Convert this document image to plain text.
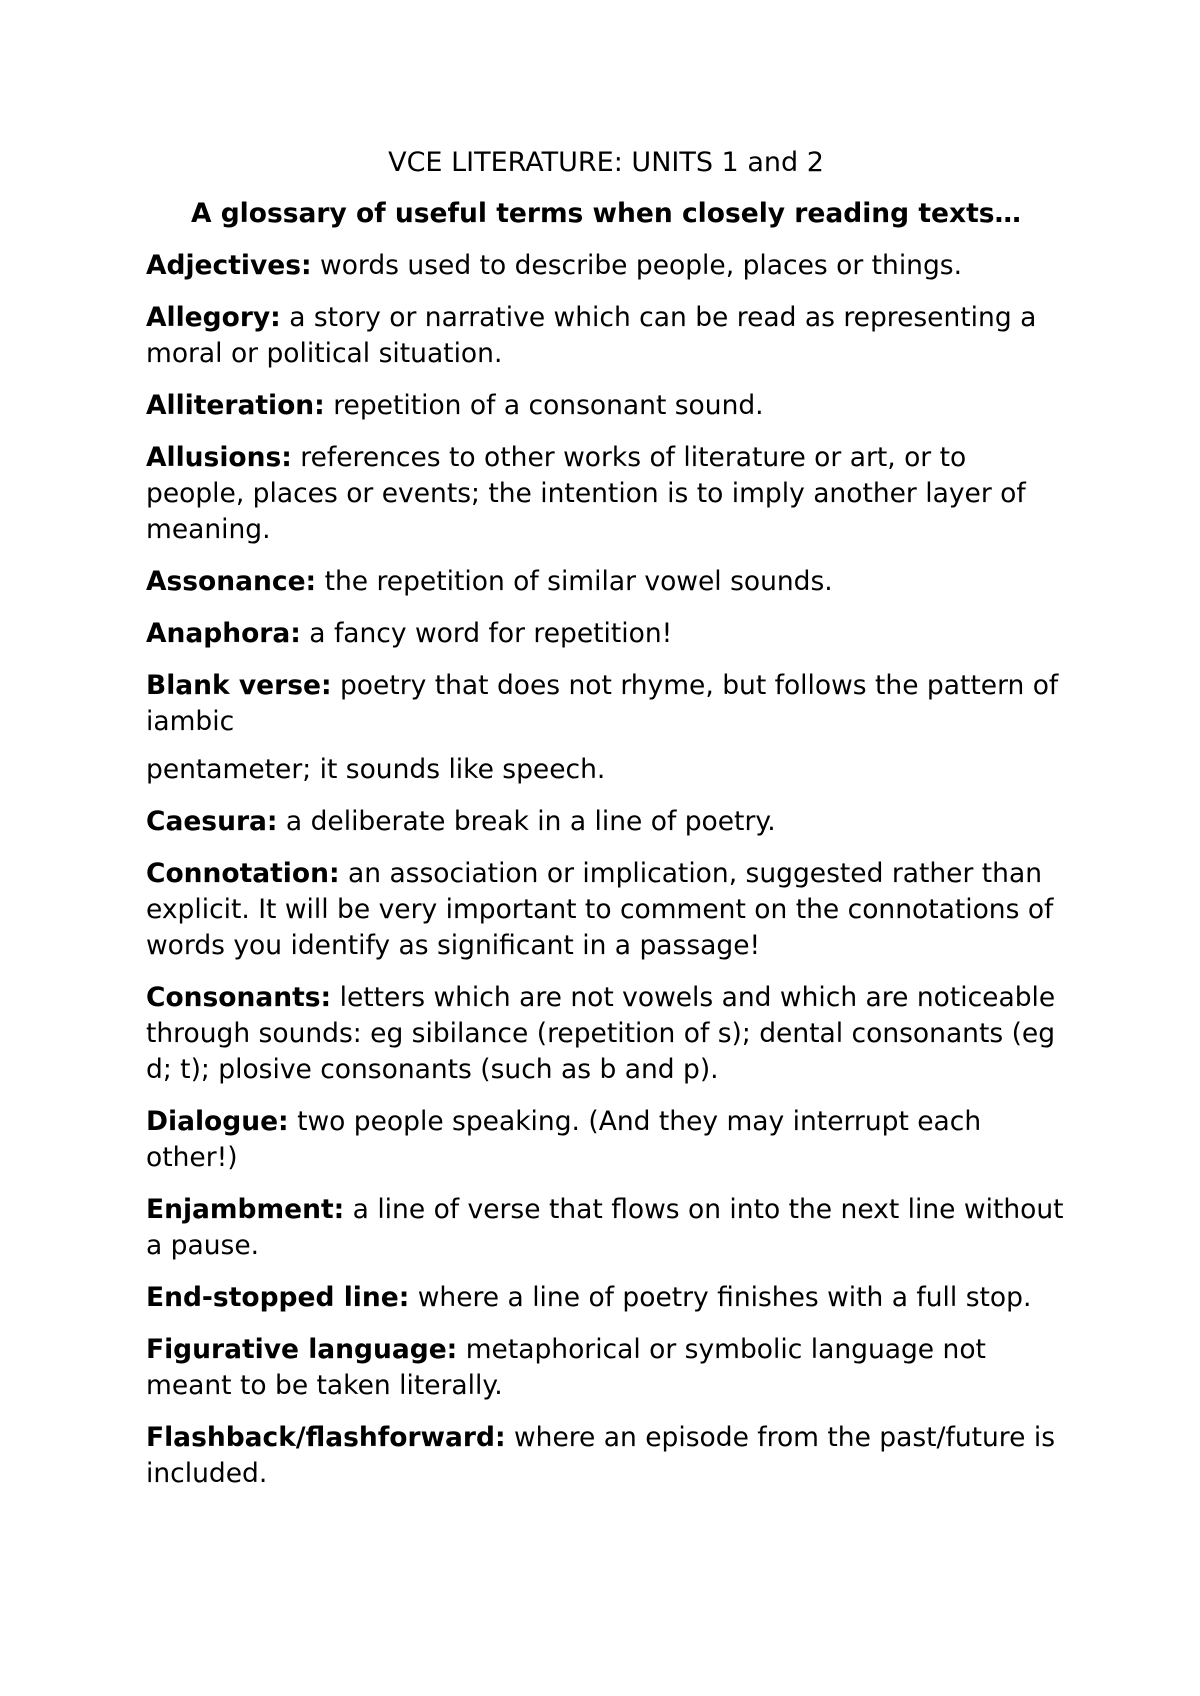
VCE LITERATURE: UNITS 1 and 2
A glossary of useful terms when closely reading texts…

Adjectives: words used to describe people, places or things.

Allegory: a story or narrative which can be read as representing a moral or political situation.

Alliteration: repetition of a consonant sound.

Allusions: references to other works of literature or art, or to people, places or events; the intention is to imply another layer of meaning.

Assonance: the repetition of similar vowel sounds.

Anaphora: a fancy word for repetition!

Blank verse: poetry that does not rhyme, but follows the pattern of iambic

pentameter; it sounds like speech.

Caesura: a deliberate break in a line of poetry.

Connotation: an association or implication, suggested rather than explicit. It will be very important to comment on the connotations of words you identify as significant in a passage!

Consonants: letters which are not vowels and which are noticeable through sounds: eg sibilance (repetition of s); dental consonants (eg d; t); plosive consonants (such as b and p).

Dialogue: two people speaking. (And they may interrupt each other!)

Enjambment: a line of verse that flows on into the next line without a pause.

End-stopped line: where a line of poetry finishes with a full stop.

Figurative language: metaphorical or symbolic language not meant to be taken literally.

Flashback/flashforward: where an episode from the past/future is included.
